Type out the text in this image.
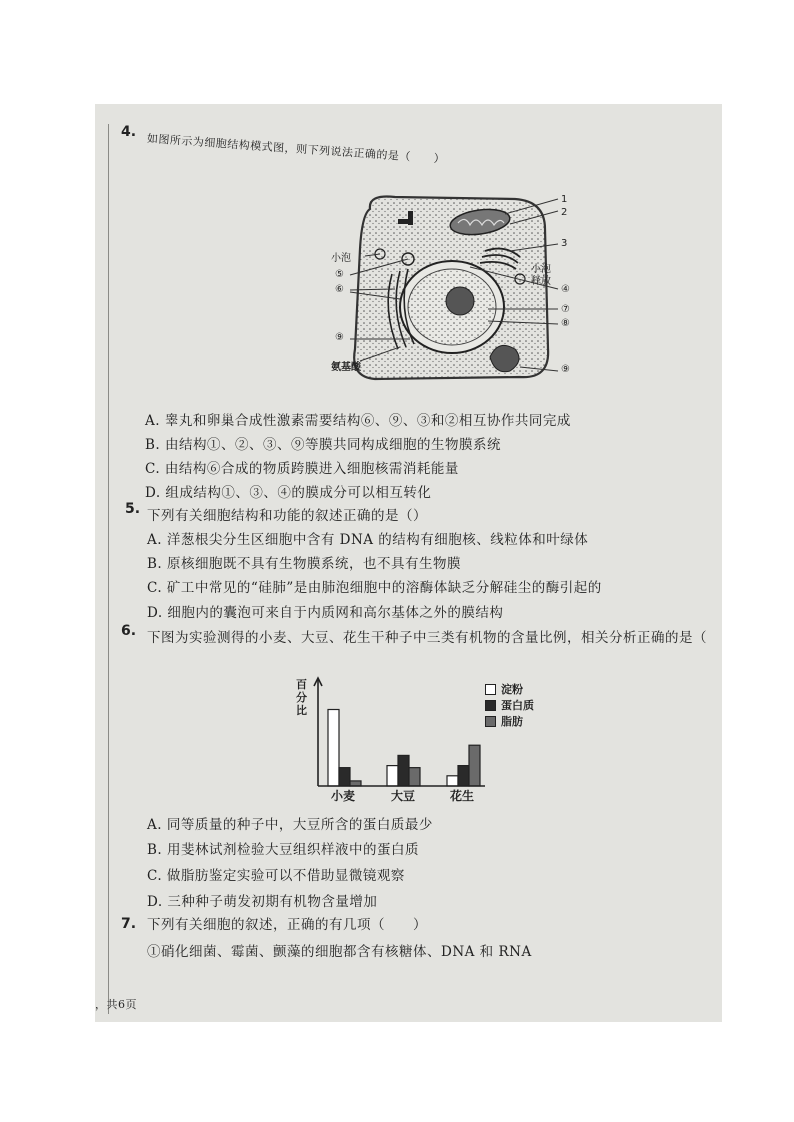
4.
如图所示为细胞结构模式图，则下列说法正确的是（　　）
1
2
3
小泡
⑤
⑥
小泡
释放
④
⑦
⑧
⑨
氨基酸	⑨
A. 睾丸和卵巢合成性激素需要结构⑥、⑨、③和②相互协作共同完成
B. 由结构①、②、③、⑨等膜共同构成细胞的生物膜系统
C. 由结构⑥合成的物质跨膜进入细胞核需消耗能量
D. 组成结构①、③、④的膜成分可以相互转化
5. 下列有关细胞结构和功能的叙述正确的是（）
A. 洋葱根尖分生区细胞中含有 DNA 的结构有细胞核、线粒体和叶绿体
B. 原核细胞既不具有生物膜系统，也不具有生物膜
C. 矿工中常见的“硅肺”是由肺泡细胞中的溶酶体缺乏分解硅尘的酶引起的
D. 细胞内的囊泡可来自于内质网和高尔基体之外的膜结构
6. 下图为实验测得的小麦、大豆、花生干种子中三类有机物的含量比例，相关分析正确的是（
百分比
小麦	大豆	花生
淀粉
蛋白质
脂肪
A. 同等质量的种子中，大豆所含的蛋白质最少
B. 用斐林试剂检验大豆组织样液中的蛋白质
C. 做脂肪鉴定实验可以不借助显微镜观察
D. 三种种子萌发初期有机物含量增加
7. 下列有关细胞的叙述，正确的有几项（　　）
①硝化细菌、霉菌、颤藻的细胞都含有核糖体、DNA 和 RNA
，共6页
